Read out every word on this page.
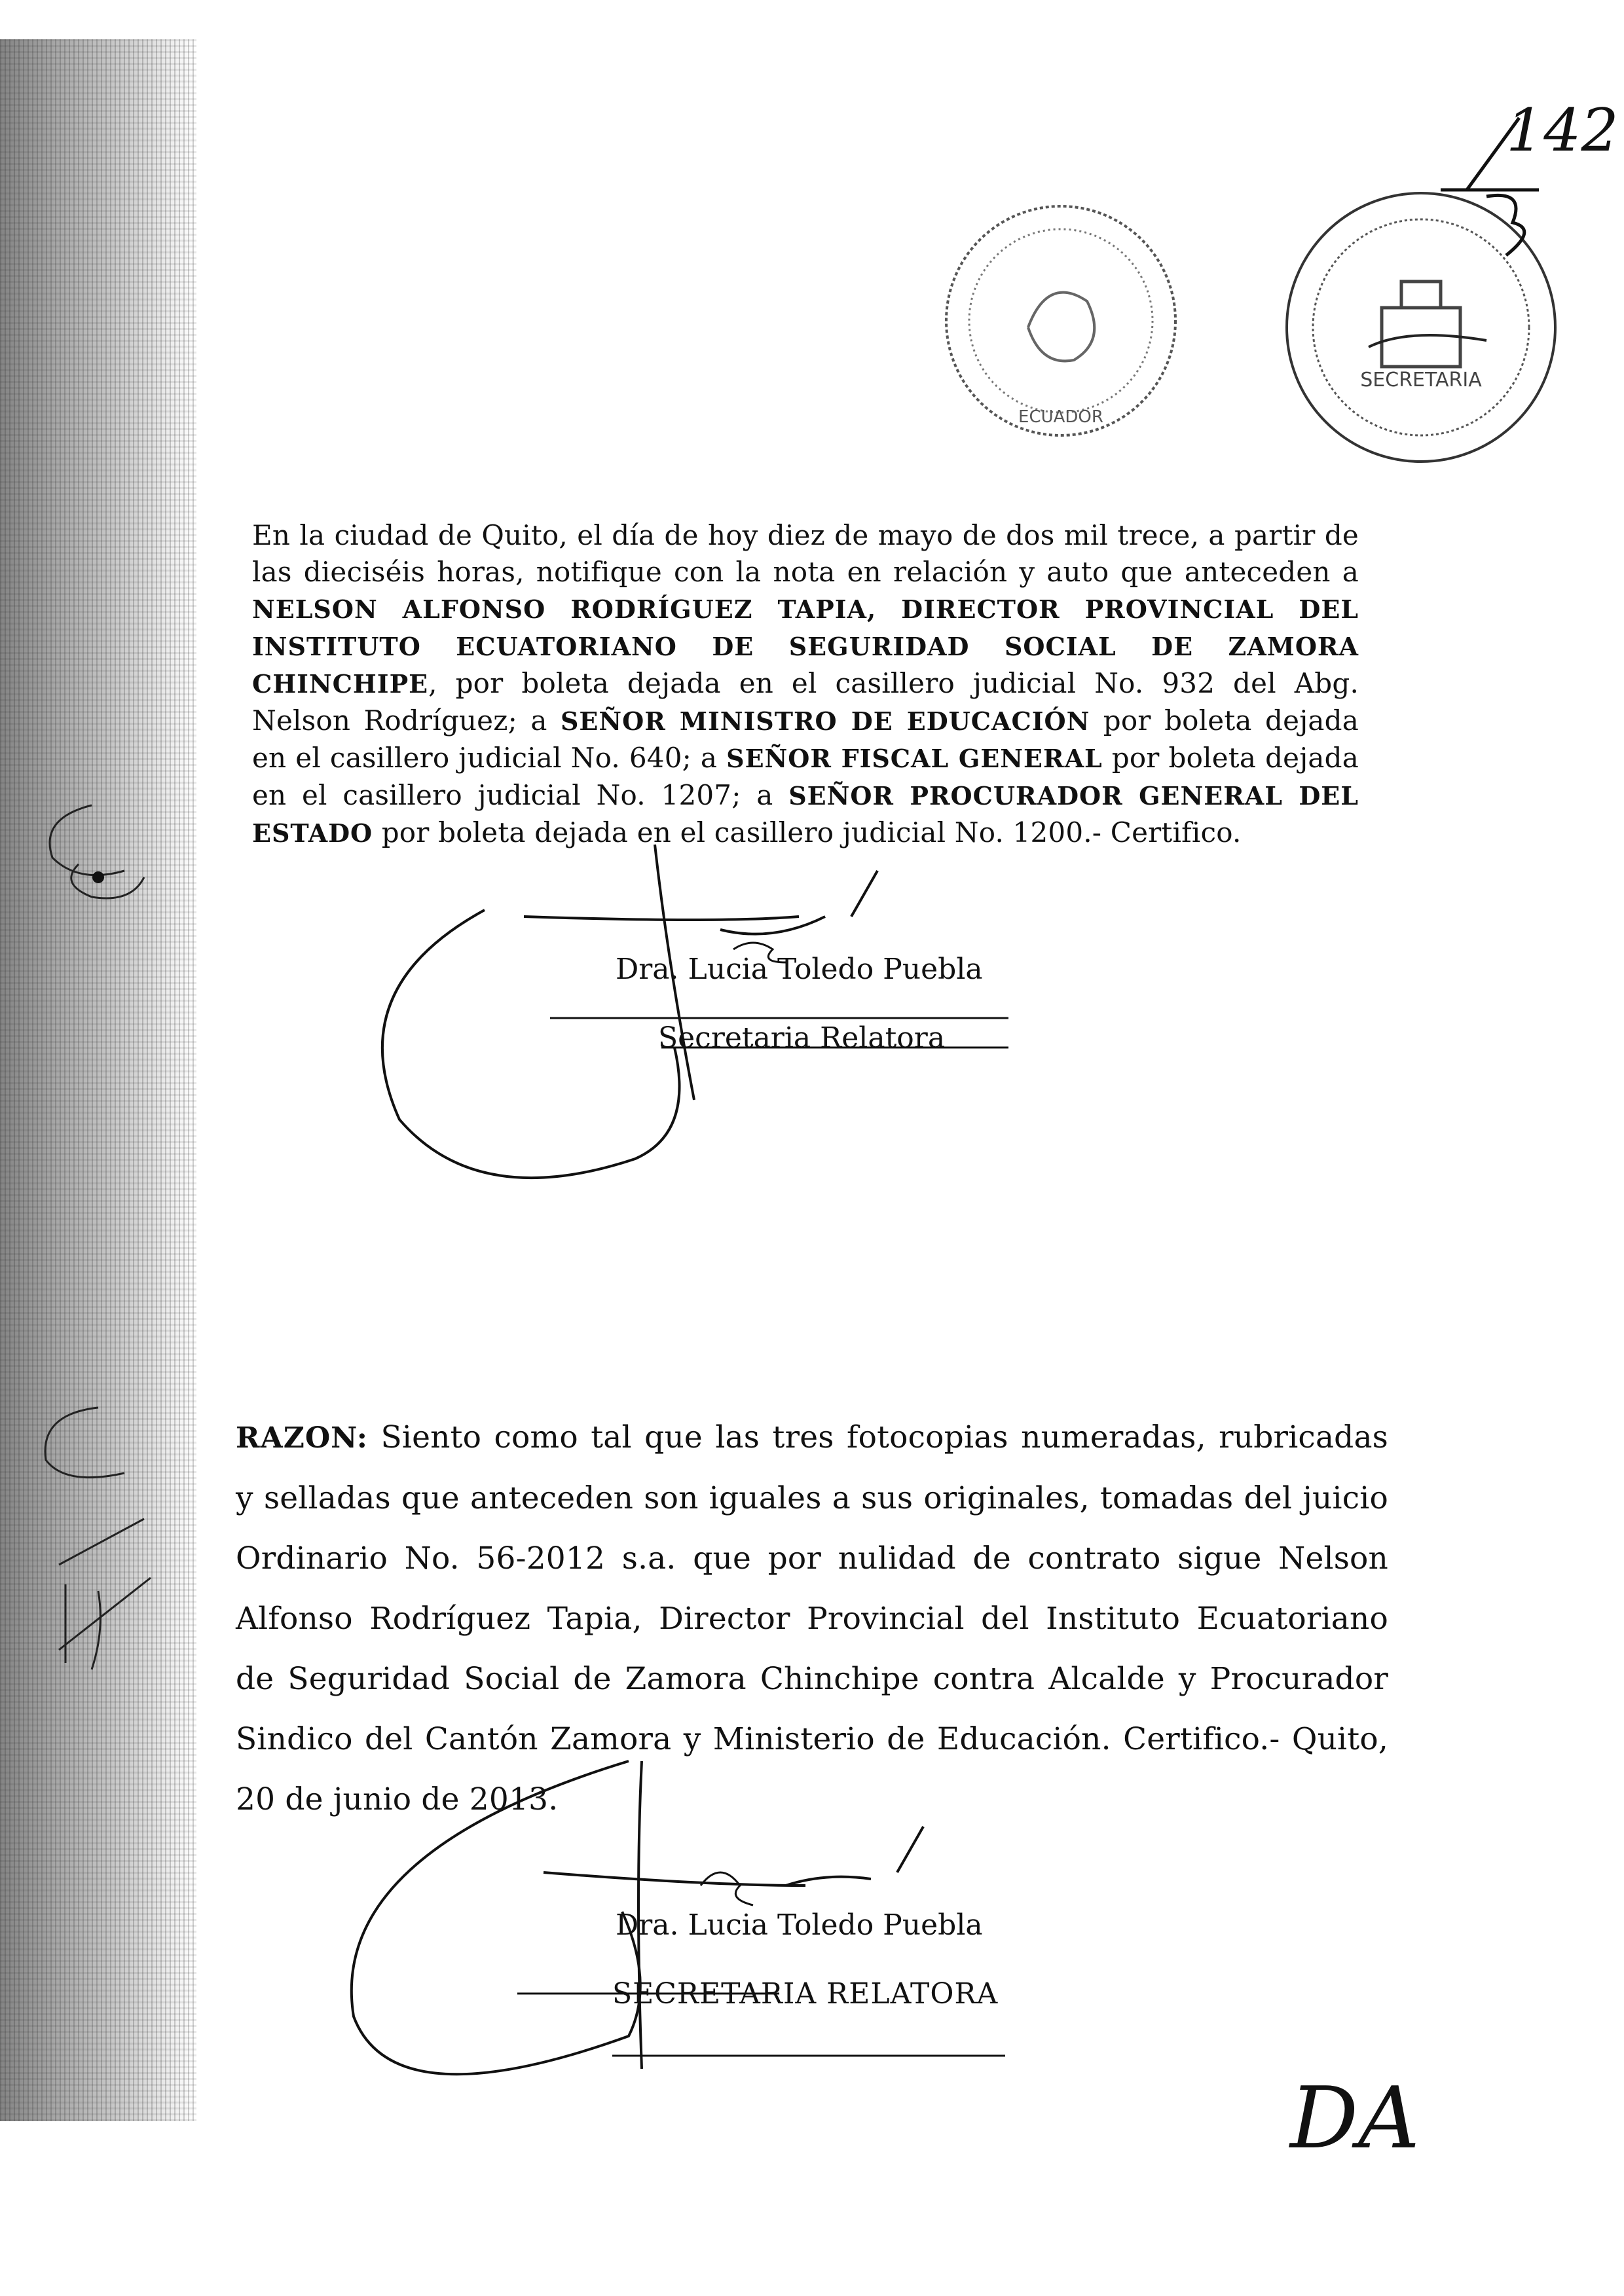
ECUADOR
SECRETARIA
142
DA
En la ciudad de Quito, el día de hoy diez de mayo de dos mil trece, a partir de las dieciséis horas, notifique con la nota en relación y auto que anteceden a NELSON ALFONSO RODRÍGUEZ TAPIA, DIRECTOR PROVINCIAL DEL INSTITUTO ECUATORIANO DE SEGURIDAD SOCIAL DE ZAMORA CHINCHIPE, por boleta dejada en el casillero judicial No. 932 del Abg. Nelson Rodríguez; a SEÑOR MINISTRO DE EDUCACIÓN por boleta dejada en el casillero judicial No. 640; a SEÑOR FISCAL GENERAL por boleta dejada en el casillero judicial No. 1207; a SEÑOR PROCURADOR GENERAL DEL ESTADO por boleta dejada en el casillero judicial No. 1200.- Certifico.
Dra. Lucia Toledo Puebla
Secretaria Relatora
RAZON: Siento como tal que las tres fotocopias numeradas, rubricadas y selladas que anteceden son iguales a sus originales, tomadas del juicio Ordinario No. 56-2012 s.a. que por nulidad de contrato sigue Nelson Alfonso Rodríguez Tapia, Director Provincial del Instituto Ecuatoriano de Seguridad Social de Zamora Chinchipe contra Alcalde y Procurador Sindico del Cantón Zamora y Ministerio de Educación. Certifico.- Quito, 20 de junio de 2013.
Dra. Lucia Toledo Puebla
SECRETARIA RELATORA
